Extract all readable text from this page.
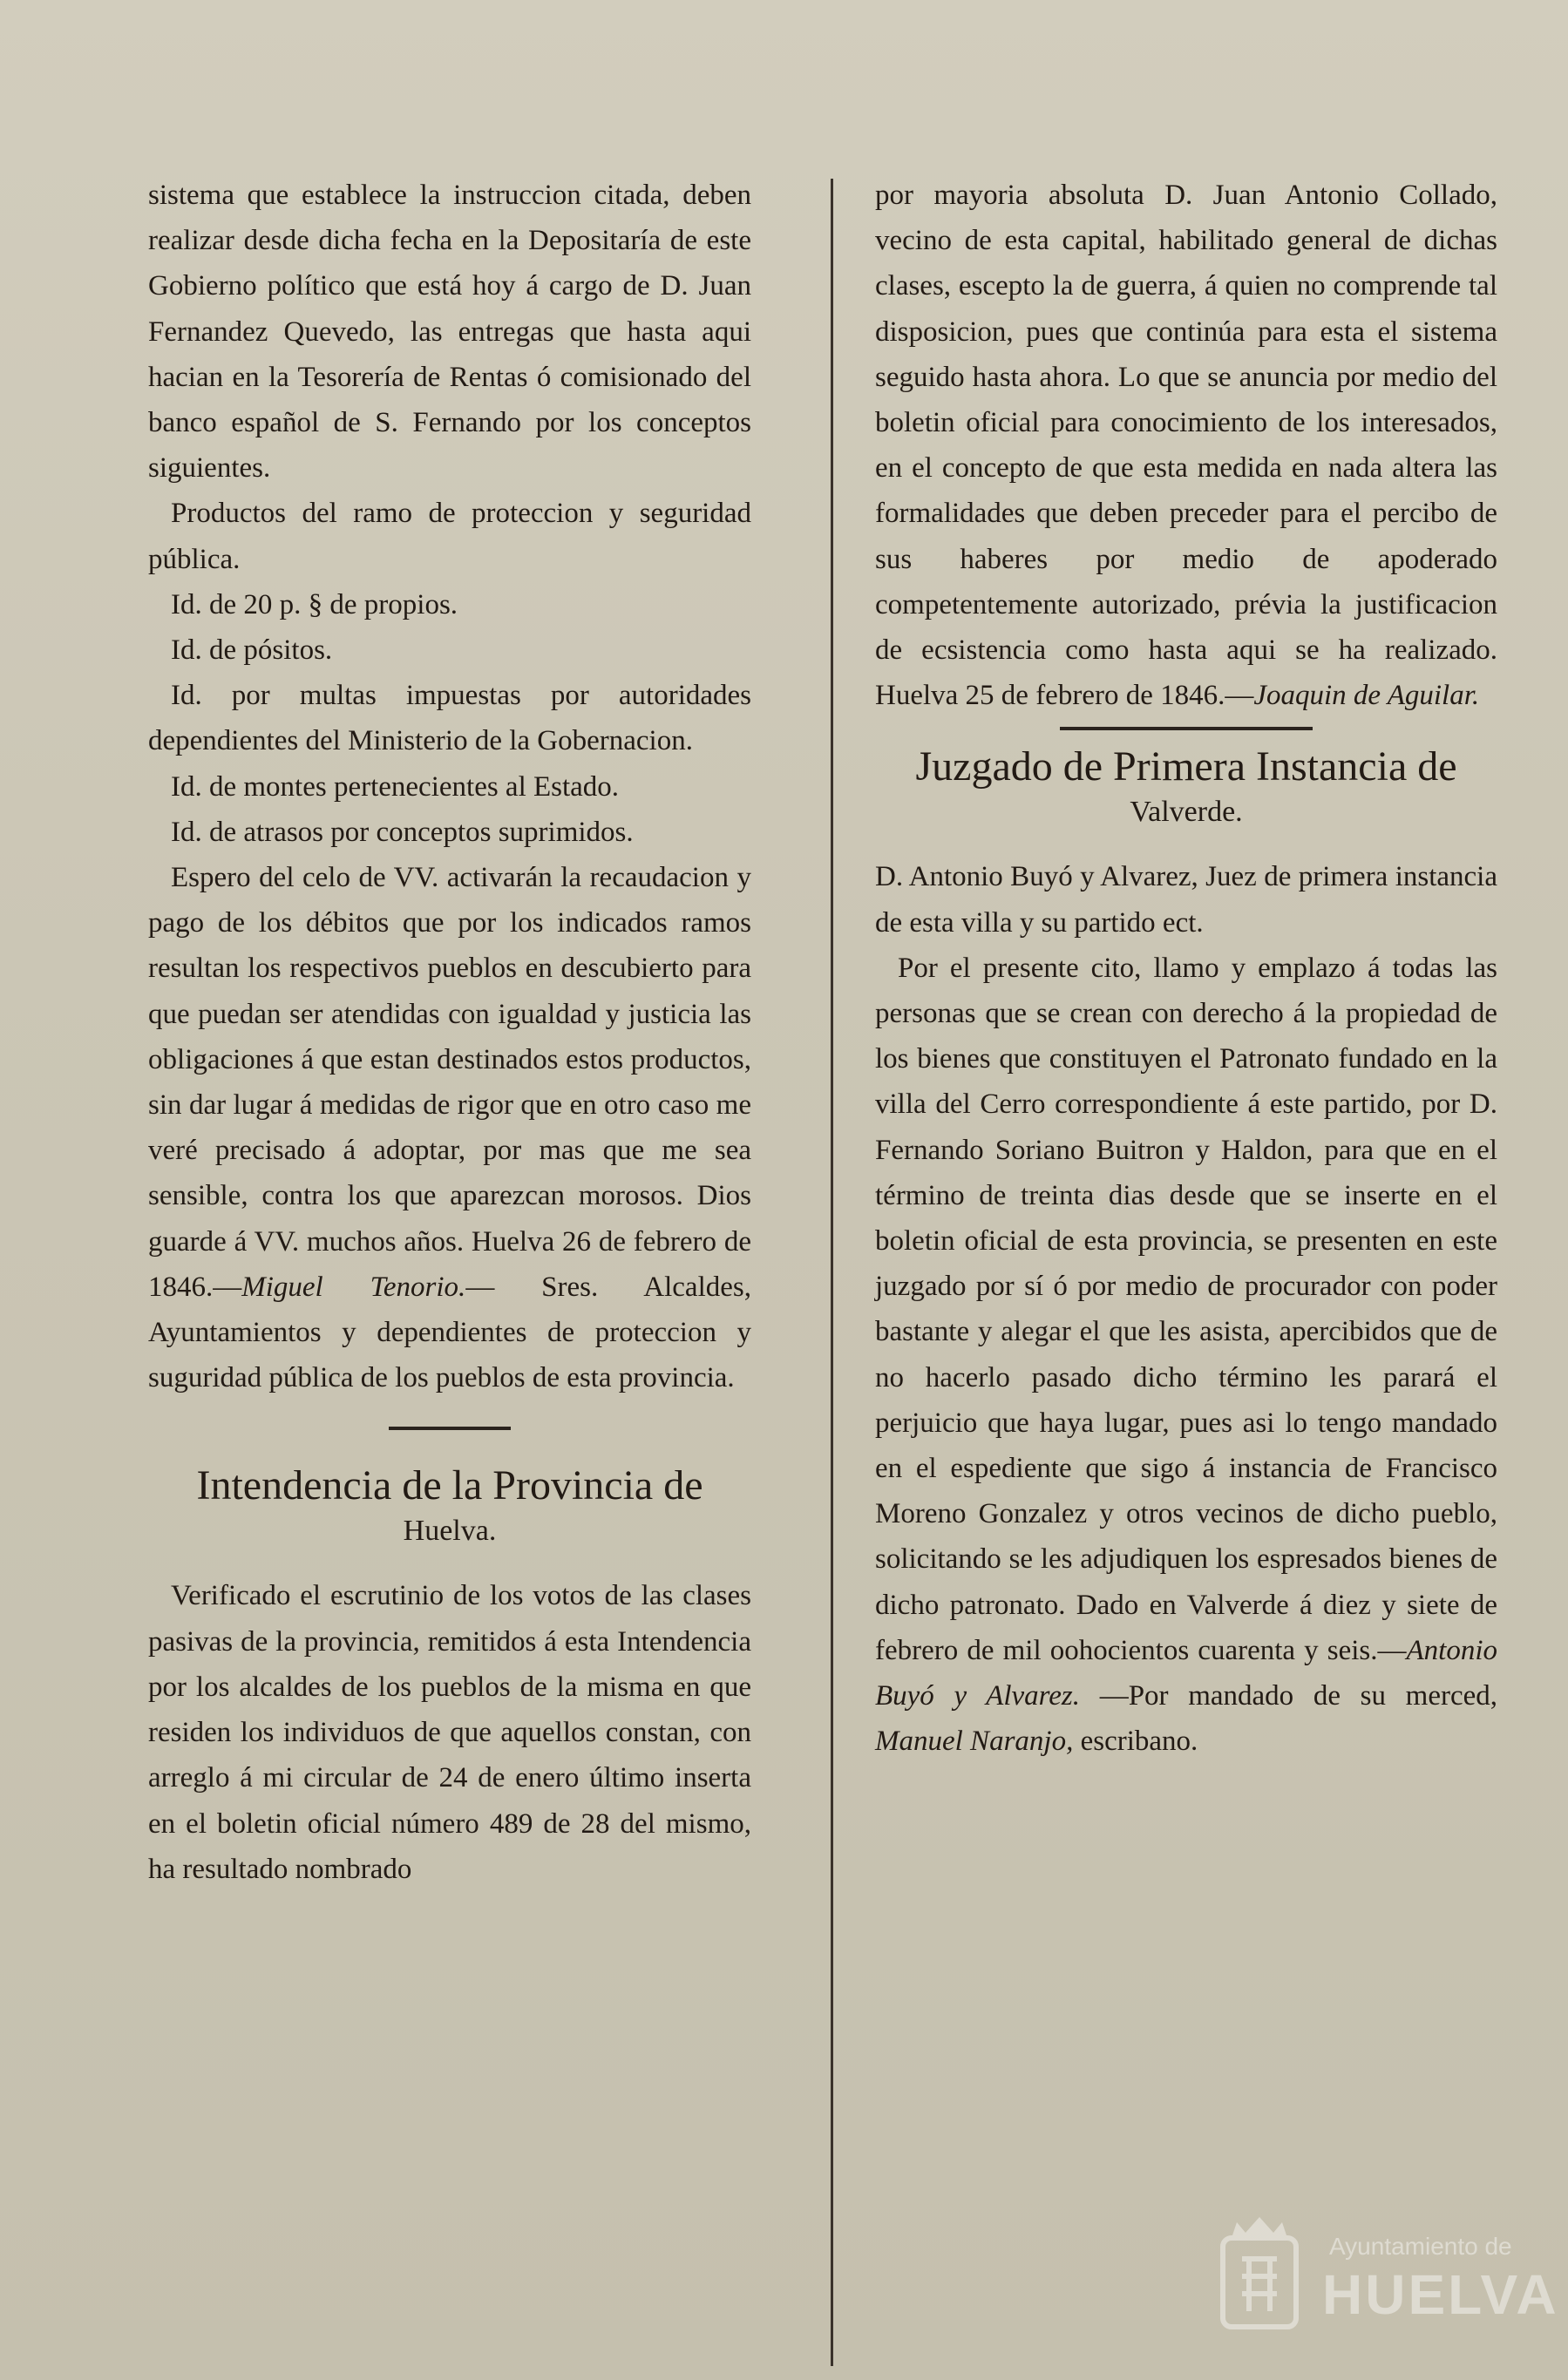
sistema que establece la instruccion citada, deben realizar desde dicha fecha en la Depositaría de este Gobierno político que está hoy á cargo de D. Juan Fernandez Quevedo, las entregas que hasta aqui hacian en la Tesorería de Rentas ó comisionado del banco español de S. Fernando por los conceptos siguientes.

Productos del ramo de proteccion y seguridad pública.

Id. de 20 p. § de propios.

Id. de pósitos.

Id. por multas impuestas por autoridades dependientes del Ministerio de la Gobernacion.

Id. de montes pertenecientes al Estado.

Id. de atrasos por conceptos suprimidos.

Espero del celo de VV. activarán la recaudacion y pago de los débitos que por los indicados ramos resultan los respectivos pueblos en descubierto para que puedan ser atendidas con igualdad y justicia las obligaciones á que estan destinados estos productos, sin dar lugar á medidas de rigor que en otro caso me veré precisado á adoptar, por mas que me sea sensible, contra los que aparezcan morosos. Dios guarde á VV. muchos años. Huelva 26 de febrero de 1846.—Miguel Tenorio.— Sres. Alcaldes, Ayuntamientos y dependientes de proteccion y suguridad pública de los pueblos de esta provincia.

Intendencia de la Provincia de

Huelva.

Verificado el escrutinio de los votos de las clases pasivas de la provincia, remitidos á esta Intendencia por los alcaldes de los pueblos de la misma en que residen los individuos de que aquellos constan, con arreglo á mi circular de 24 de enero último inserta en el boletin oficial número 489 de 28 del mismo, ha resultado nombrado

por mayoria absoluta D. Juan Antonio Collado, vecino de esta capital, habilitado general de dichas clases, escepto la de guerra, á quien no comprende tal disposicion, pues que continúa para esta el sistema seguido hasta ahora. Lo que se anuncia por medio del boletin oficial para conocimiento de los interesados, en el concepto de que esta medida en nada altera las formalidades que deben preceder para el percibo de sus haberes por medio de apoderado competentemente autorizado, prévia la justificacion de ecsistencia como hasta aqui se ha realizado. Huelva 25 de febrero de 1846.—Joaquin de Aguilar.

Juzgado de Primera Instancia de

Valverde.

D. Antonio Buyó y Alvarez, Juez de primera instancia de esta villa y su partido ect.

Por el presente cito, llamo y emplazo á todas las personas que se crean con derecho á la propiedad de los bienes que constituyen el Patronato fundado en la villa del Cerro correspondiente á este partido, por D. Fernando Soriano Buitron y Haldon, para que en el término de treinta dias desde que se inserte en el boletin oficial de esta provincia, se presenten en este juzgado por sí ó por medio de procurador con poder bastante y alegar el que les asista, apercibidos que de no hacerlo pasado dicho término les parará el perjuicio que haya lugar, pues asi lo tengo mandado en el espediente que sigo á instancia de Francisco Moreno Gonzalez y otros vecinos de dicho pueblo, solicitando se les adjudiquen los espresados bienes de dicho patronato. Dado en Valverde á diez y siete de febrero de mil oohocientos cuarenta y seis.—Antonio Buyó y Alvarez. —Por mandado de su merced, Manuel Naranjo, escribano.

Ayuntamiento de
HUELVA
